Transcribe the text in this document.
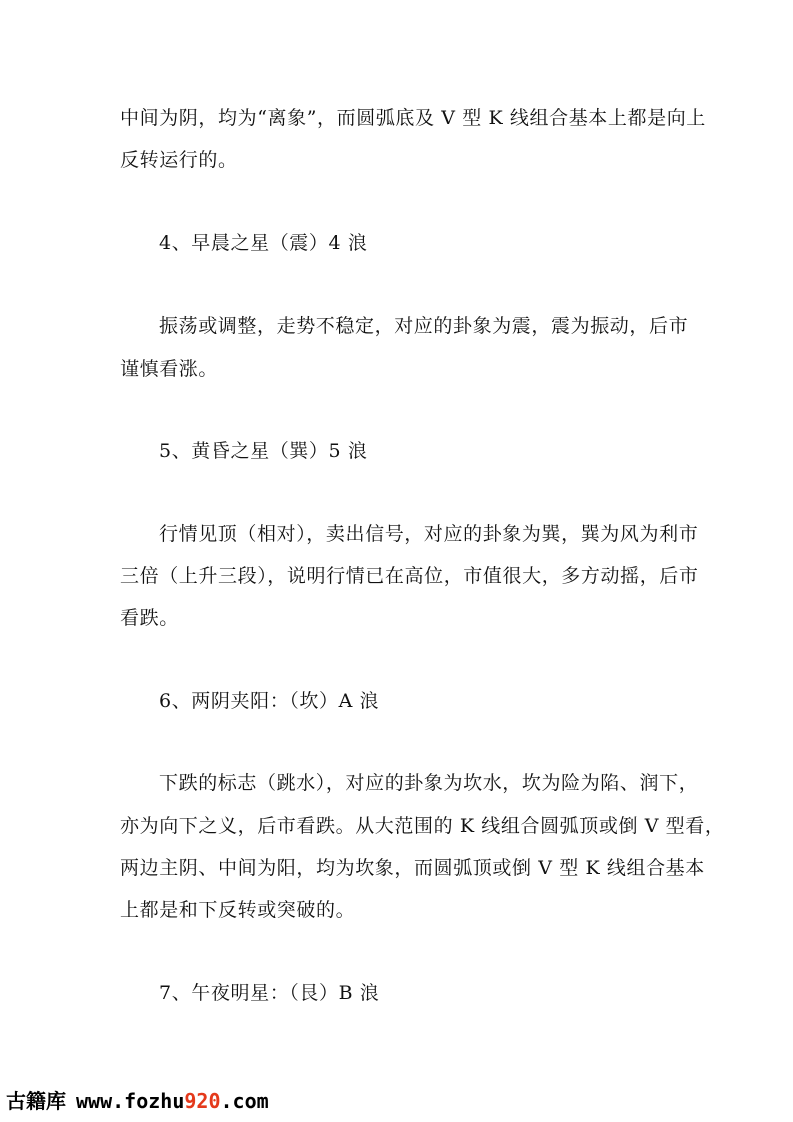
中间为阴，均为“离象”，而圆弧底及 V 型 K 线组合基本上都是向上
反转运行的。
4、早晨之星（震）4 浪
振荡或调整，走势不稳定，对应的卦象为震，震为振动，后市
谨慎看涨。
5、黄昏之星（巽）5 浪
行情见顶（相对），卖出信号，对应的卦象为巽，巽为风为利市
三倍（上升三段），说明行情已在高位，市值很大，多方动摇，后市
看跌。
6、两阴夹阳：（坎）A 浪
下跌的标志（跳水），对应的卦象为坎水，坎为险为陷、润下，
亦为向下之义，后市看跌。从大范围的 K 线组合圆弧顶或倒 V 型看，
两边主阴、中间为阳，均为坎象，而圆弧顶或倒 V 型 K 线组合基本
上都是和下反转或突破的。
7、午夜明星：（艮）B 浪
古籍库 www.fozhu920.com
